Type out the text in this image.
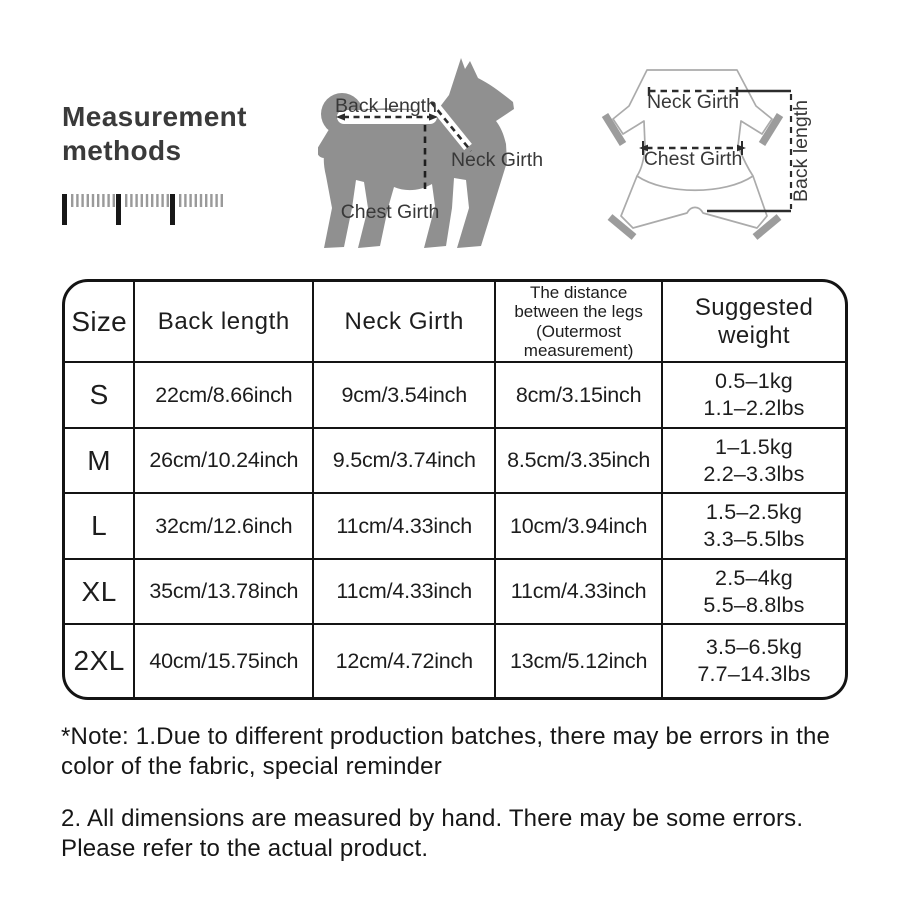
Measurement methods
Back length
Neck Girth
Chest Girth
Neck Girth
Chest Girth Back length
Size	Back length	Neck Girth	The distance between the legs (Outermost measurement)	Suggested weight

S	22cm/8.66inch	9cm/3.54inch	8cm/3.15inch	0.5–1kg
1.1–2.2lbs

M	26cm/10.24inch	9.5cm/3.74inch	8.5cm/3.35inch	1–1.5kg
2.2–3.3lbs

L	32cm/12.6inch	11cm/4.33inch	10cm/3.94inch	1.5–2.5kg
3.3–5.5lbs

XL	35cm/13.78inch	11cm/4.33inch	11cm/4.33inch	2.5–4kg
5.5–8.8lbs

2XL	40cm/15.75inch	12cm/4.72inch	13cm/5.12inch	3.5–6.5kg
7.7–14.3lbs

*Note: 1.Due to different production batches, there may be errors in the color of the fabric, special reminder

2. All dimensions are measured by hand. There may be some errors. Please refer to the actual product.
